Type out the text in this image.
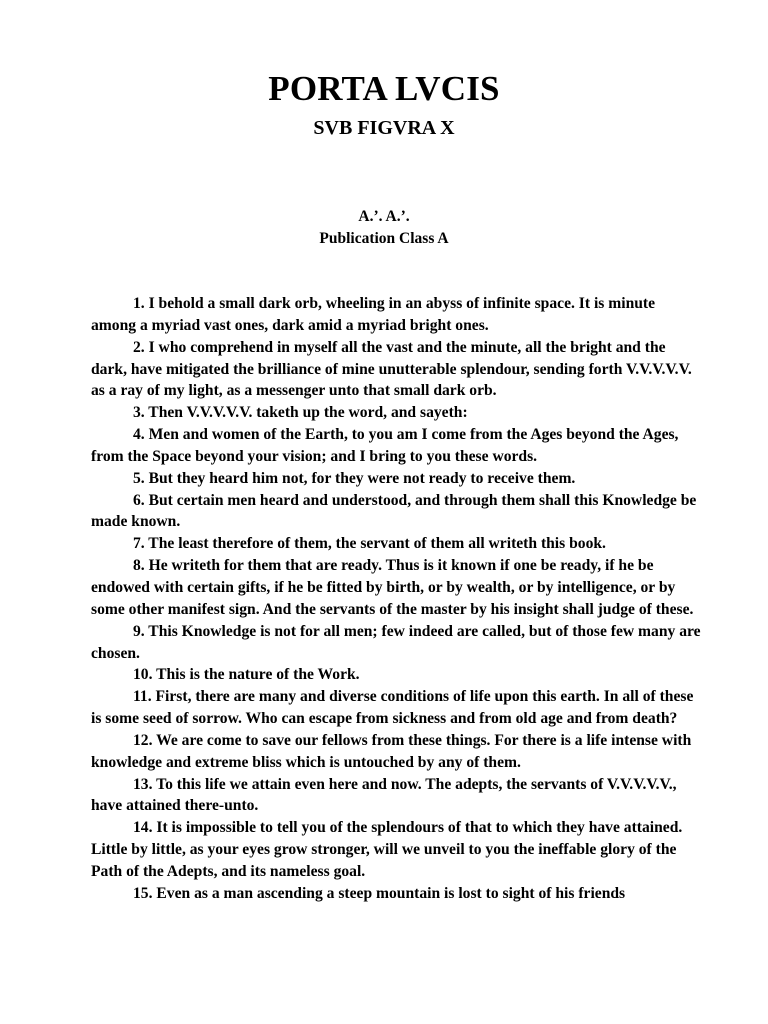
PORTA LVCIS
SVB FIGVRA X
A.’. A.’.
Publication Class A

1. I behold a small dark orb, wheeling in an abyss of infinite space. It is minute among a myriad vast ones, dark amid a myriad bright ones.

2. I who comprehend in myself all the vast and the minute, all the bright and the dark, have mitigated the brilliance of mine unutterable splendour, sending forth V.V.V.V.V. as a ray of my light, as a messenger unto that small dark orb.

3. Then V.V.V.V.V. taketh up the word, and sayeth:

4. Men and women of the Earth, to you am I come from the Ages beyond the Ages, from the Space beyond your vision; and I bring to you these words.

5. But they heard him not, for they were not ready to receive them.

6. But certain men heard and understood, and through them shall this Knowledge be made known.

7. The least therefore of them, the servant of them all writeth this book.

8. He writeth for them that are ready. Thus is it known if one be ready, if he be endowed with certain gifts, if he be fitted by birth, or by wealth, or by intelligence, or by some other manifest sign. And the servants of the master by his insight shall judge of these.

9. This Knowledge is not for all men; few indeed are called, but of those few many are chosen.

10. This is the nature of the Work.

11. First, there are many and diverse conditions of life upon this earth. In all of these is some seed of sorrow. Who can escape from sickness and from old age and from death?

12. We are come to save our fellows from these things. For there is a life intense with knowledge and extreme bliss which is untouched by any of them.

13. To this life we attain even here and now. The adepts, the servants of V.V.V.V.V., have attained there-unto.

14. It is impossible to tell you of the splendours of that to which they have attained. Little by little, as your eyes grow stronger, will we unveil to you the ineffable glory of the Path of the Adepts, and its nameless goal.

15. Even as a man ascending a steep mountain is lost to sight of his friends
